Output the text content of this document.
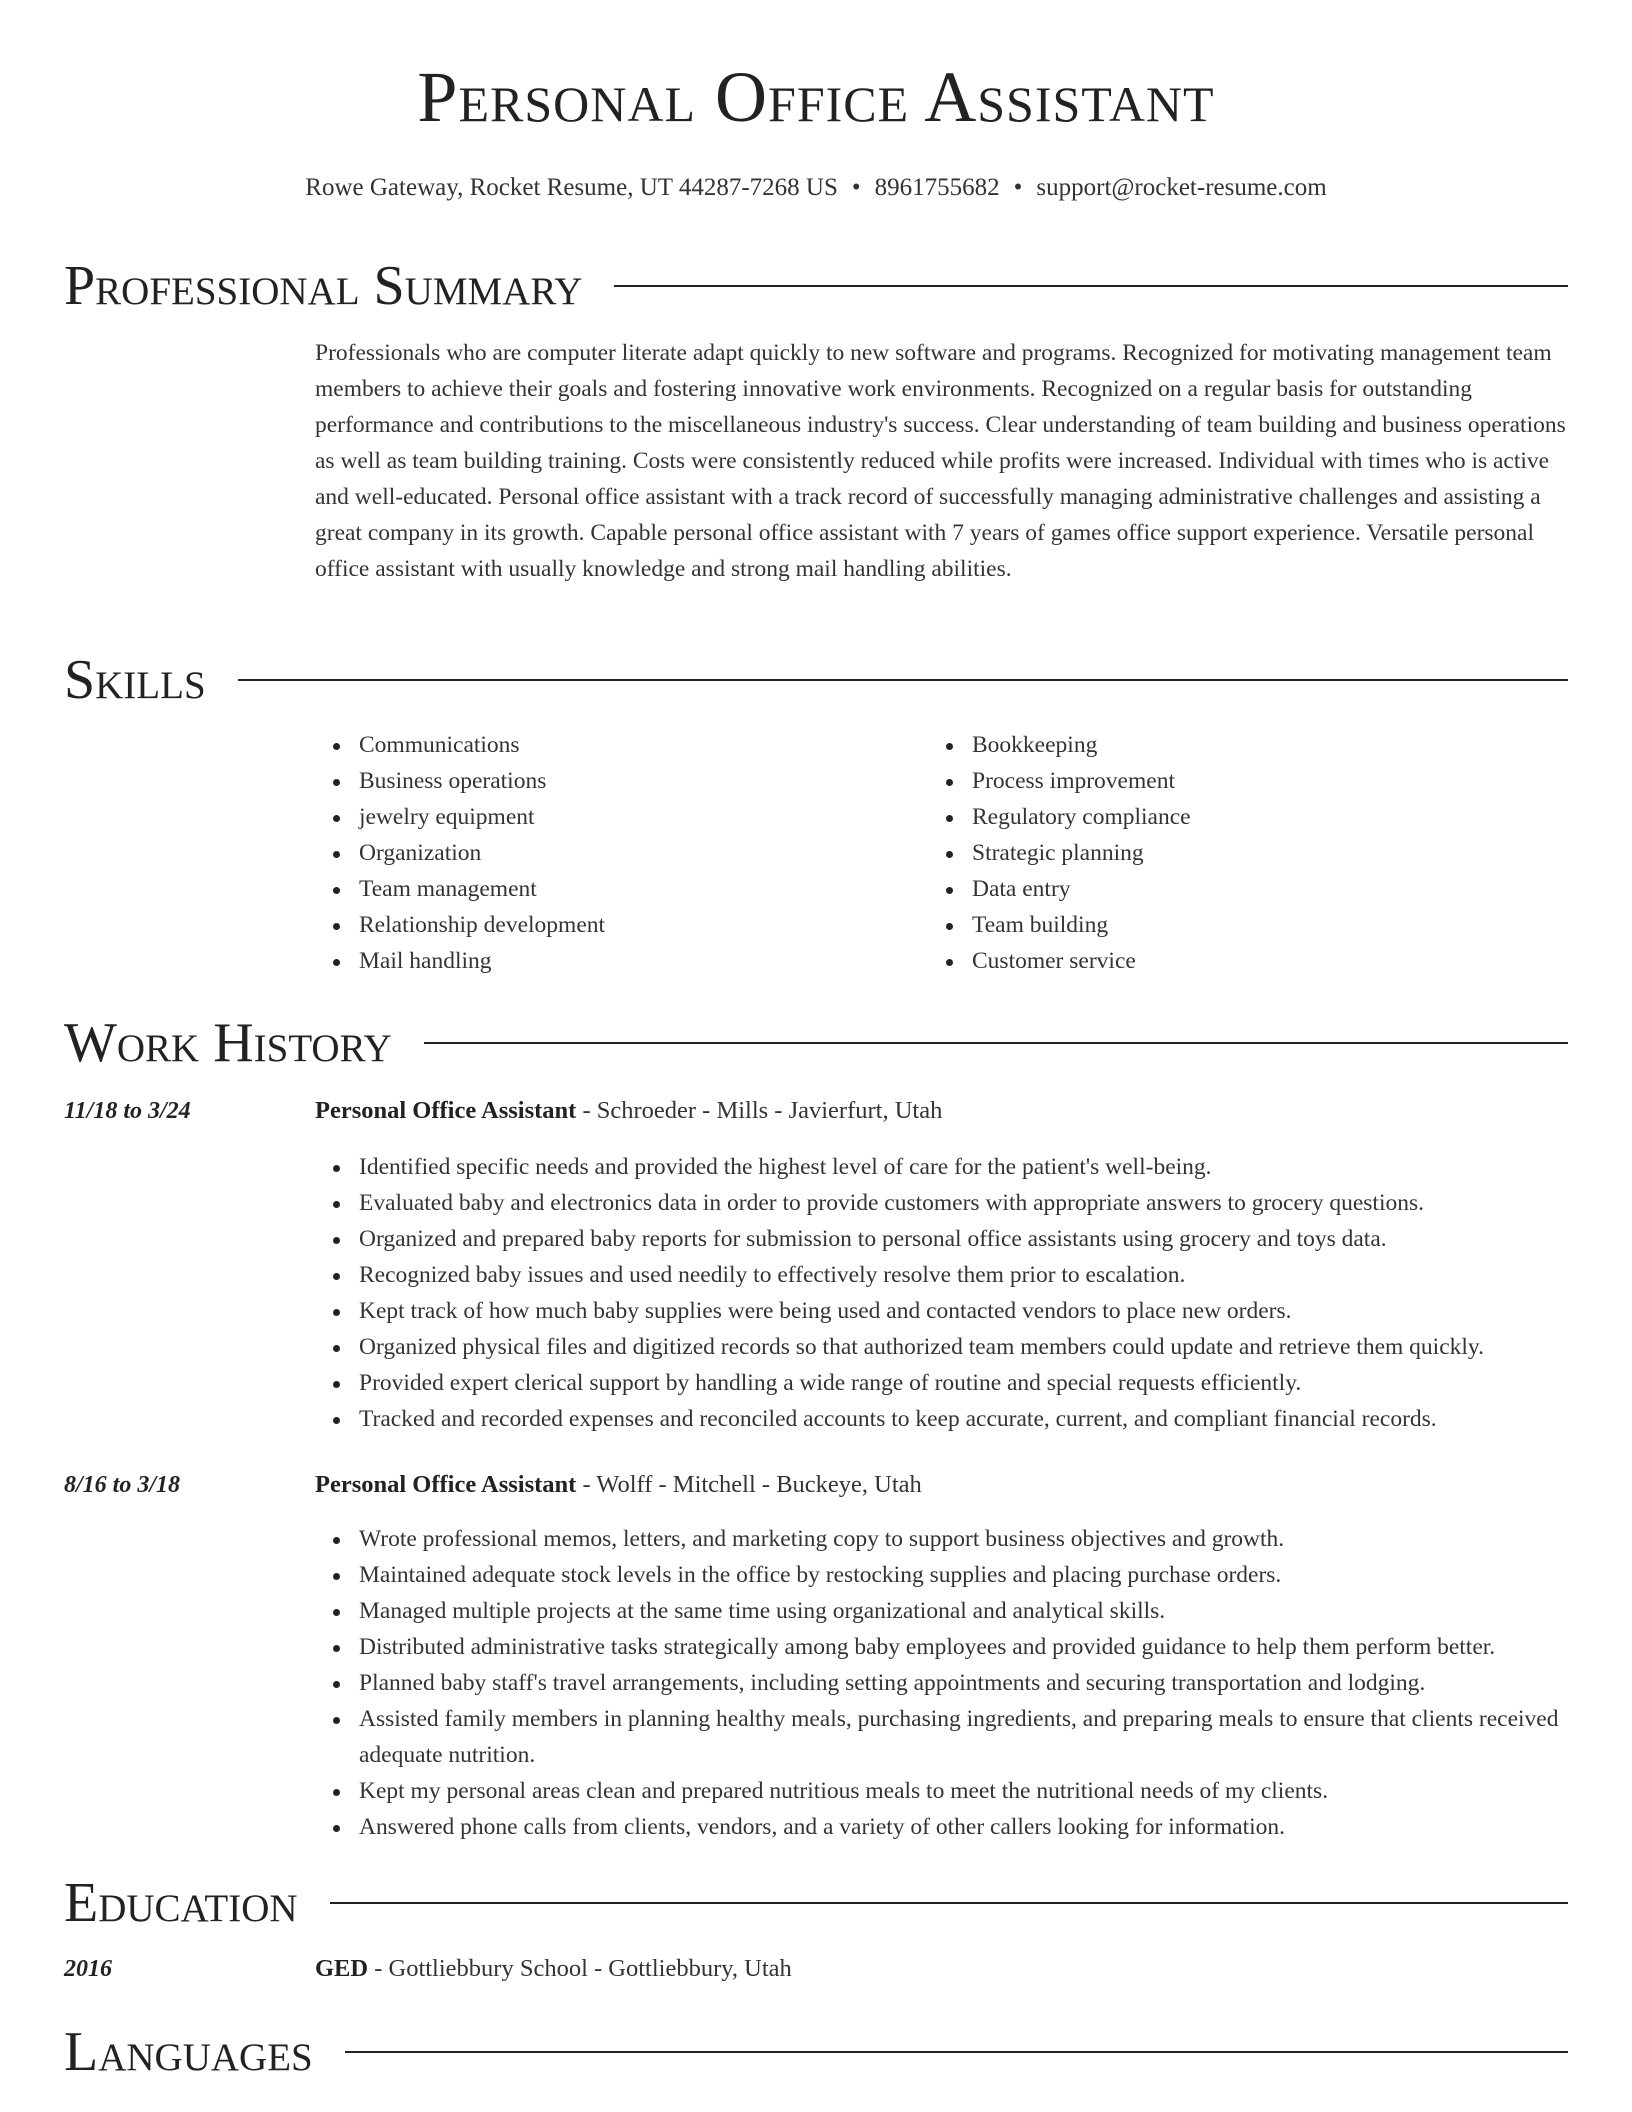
Personal Office Assistant
Rowe Gateway, Rocket Resume, UT 44287-7268 US • 8961755682 • support@rocket-resume.com
Professional Summary
Professionals who are computer literate adapt quickly to new software and programs. Recognized for motivating management team members to achieve their goals and fostering innovative work environments. Recognized on a regular basis for outstanding performance and contributions to the miscellaneous industry's success. Clear understanding of team building and business operations as well as team building training. Costs were consistently reduced while profits were increased. Individual with times who is active and well-educated. Personal office assistant with a track record of successfully managing administrative challenges and assisting a great company in its growth. Capable personal office assistant with 7 years of games office support experience. Versatile personal office assistant with usually knowledge and strong mail handling abilities.
Skills
Communications
Business operations
jewelry equipment
Organization
Team management
Relationship development
Mail handling
Bookkeeping
Process improvement
Regulatory compliance
Strategic planning
Data entry
Team building
Customer service
Work History
11/18 to 3/24	Personal Office Assistant - Schroeder - Mills - Javierfurt, Utah
Identified specific needs and provided the highest level of care for the patient's well-being.
Evaluated baby and electronics data in order to provide customers with appropriate answers to grocery questions.
Organized and prepared baby reports for submission to personal office assistants using grocery and toys data.
Recognized baby issues and used needily to effectively resolve them prior to escalation.
Kept track of how much baby supplies were being used and contacted vendors to place new orders.
Organized physical files and digitized records so that authorized team members could update and retrieve them quickly.
Provided expert clerical support by handling a wide range of routine and special requests efficiently.
Tracked and recorded expenses and reconciled accounts to keep accurate, current, and compliant financial records.
8/16 to 3/18	Personal Office Assistant - Wolff - Mitchell - Buckeye, Utah
Wrote professional memos, letters, and marketing copy to support business objectives and growth.
Maintained adequate stock levels in the office by restocking supplies and placing purchase orders.
Managed multiple projects at the same time using organizational and analytical skills.
Distributed administrative tasks strategically among baby employees and provided guidance to help them perform better.
Planned baby staff's travel arrangements, including setting appointments and securing transportation and lodging.
Assisted family members in planning healthy meals, purchasing ingredients, and preparing meals to ensure that clients received adequate nutrition.
Kept my personal areas clean and prepared nutritious meals to meet the nutritional needs of my clients.
Answered phone calls from clients, vendors, and a variety of other callers looking for information.
Education
2016	GED - Gottliebbury School - Gottliebbury, Utah
Languages
